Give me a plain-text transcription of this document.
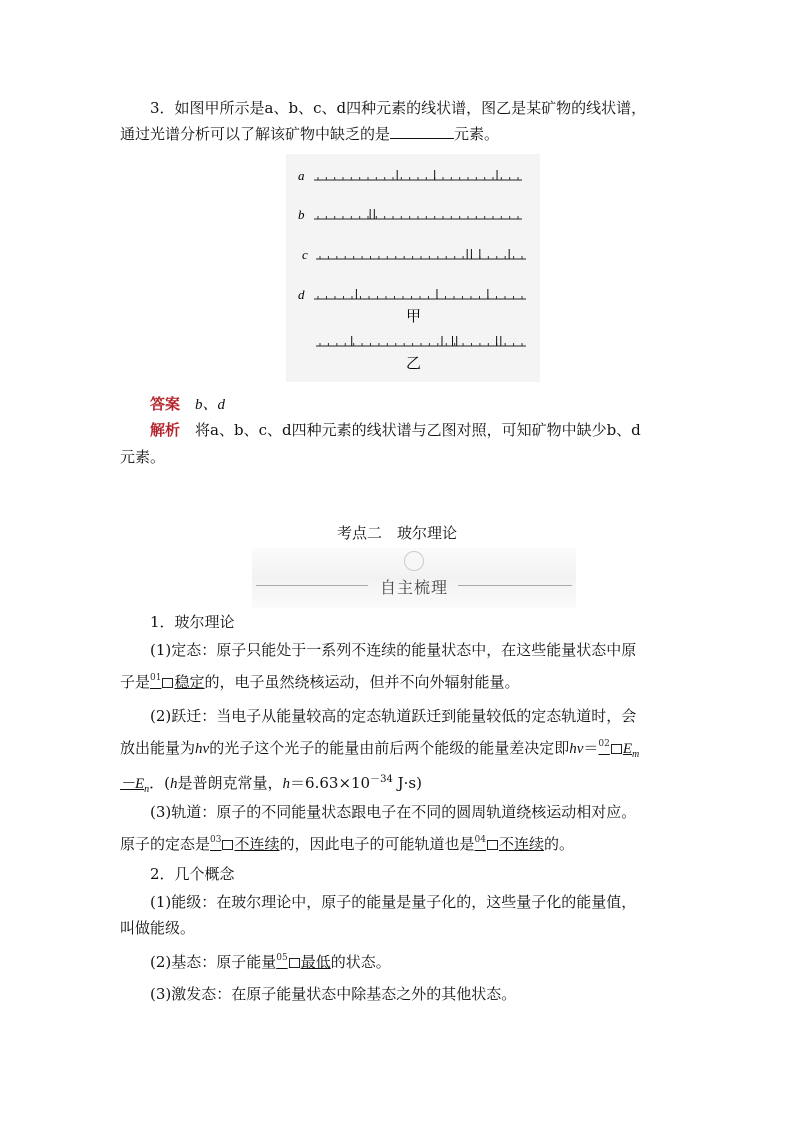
3．如图甲所示是a、b、c、d四种元素的线状谱，图乙是某矿物的线状谱，
通过光谱分析可以了解该矿物中缺乏的是	元素。
a
b
c
d
甲
乙
答案　 b、d
解析　 将a、b、c、d四种元素的线状谱与乙图对照，可知矿物中缺少b、d
元素。
考点二　玻尔理论
自主梳理
1．玻尔理论
(1)定态：原子只能处于一系列不连续的能量状态中，在这些能量状态中原
子是$^{01}$ 稳定的，电子虽然绕核运动，但并不向外辐射能量。
(2)跃迁：当电子从能量较高的定态轨道跃迁到能量较低的定态轨道时，会
放出能量为hν的光子这个光子的能量由前后两个能级的能量差决定即hν＝$^{02}$ $E_m$
$-E_n$．(h是普朗克常量，$h=6.63\times 10^{-34}$ J·s)
(3)轨道：原子的不同能量状态跟电子在不同的圆周轨道绕核运动相对应。
原子的定态是$^{03}$ 不连续的，因此电子的可能轨道也是$^{04}$ 不连续的。
2．几个概念
(1)能级：在玻尔理论中，原子的能量是量子化的，这些量子化的能量值，
叫做能级。
(2)基态：原子能量$^{05}$ 最低的状态。
(3)激发态：在原子能量状态中除基态之外的其他状态。
